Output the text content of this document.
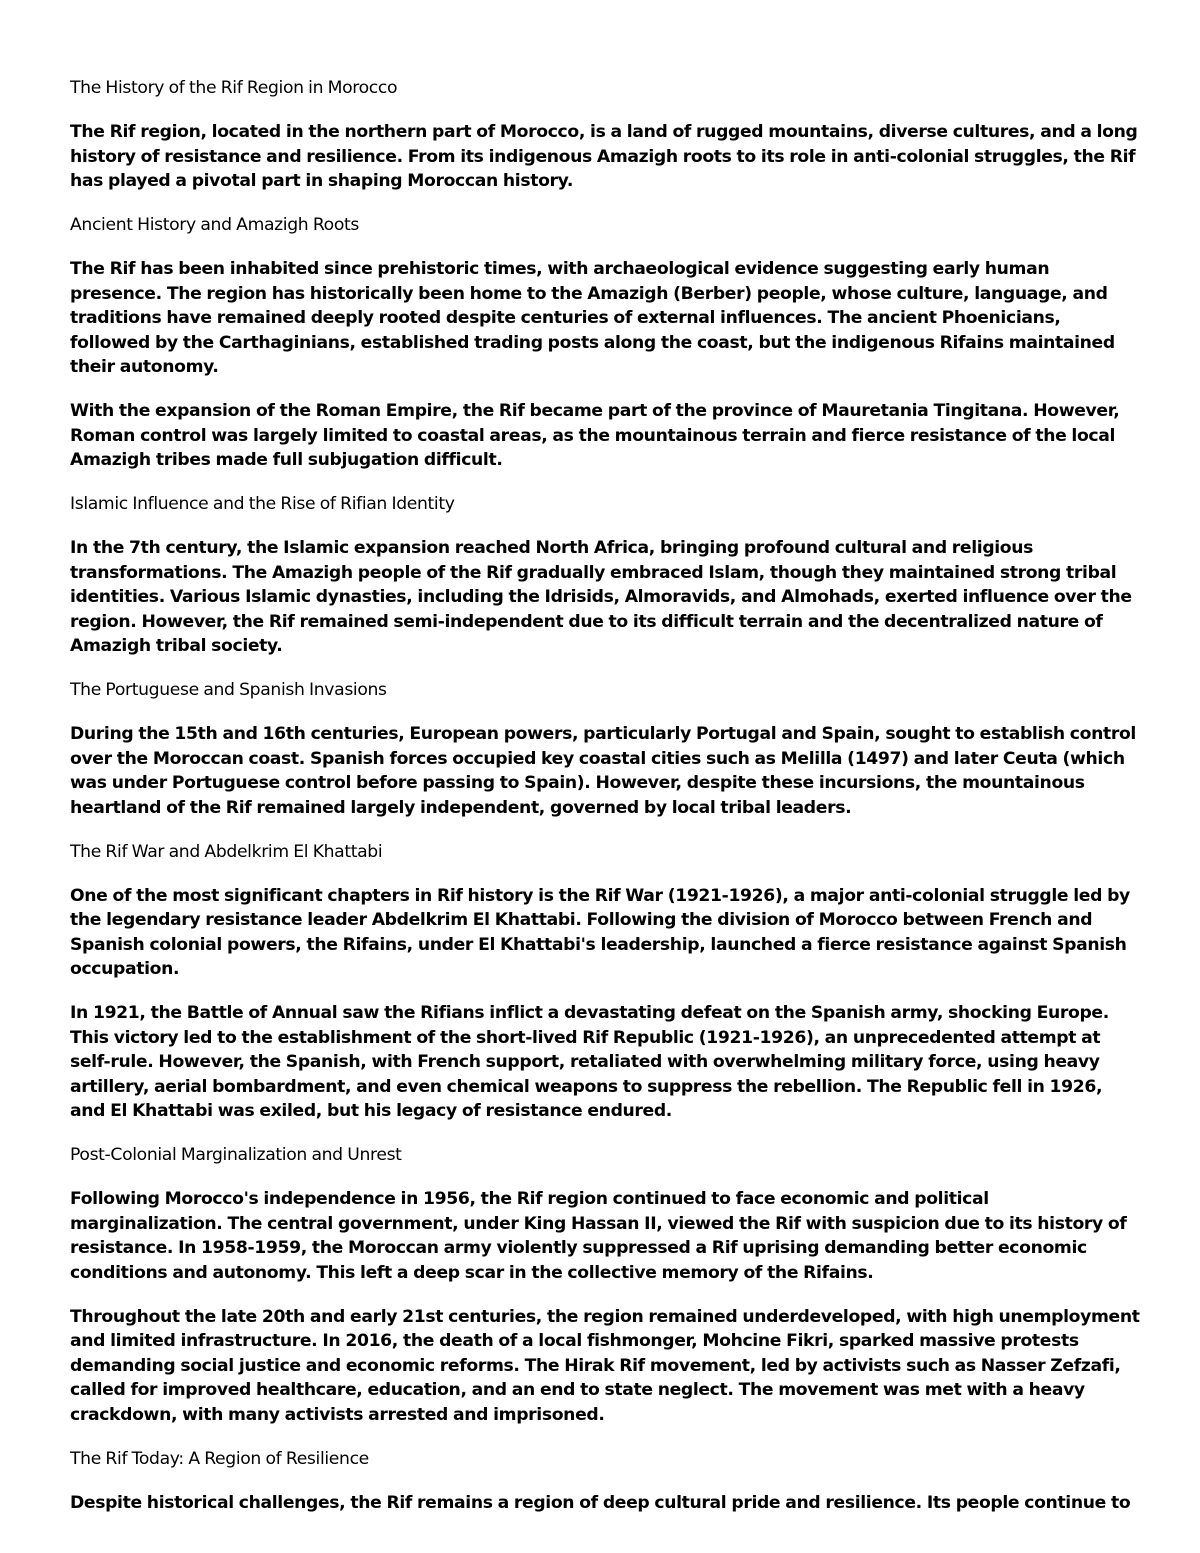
The History of the Rif Region in Morocco

The Rif region, located in the northern part of Morocco, is a land of rugged mountains, diverse cultures, and a long history of resistance and resilience. From its indigenous Amazigh roots to its role in anti-colonial struggles, the Rif has played a pivotal part in shaping Moroccan history.

Ancient History and Amazigh Roots

The Rif has been inhabited since prehistoric times, with archaeological evidence suggesting early human presence. The region has historically been home to the Amazigh (Berber) people, whose culture, language, and traditions have remained deeply rooted despite centuries of external influences. The ancient Phoenicians, followed by the Carthaginians, established trading posts along the coast, but the indigenous Rifains maintained their autonomy.

With the expansion of the Roman Empire, the Rif became part of the province of Mauretania Tingitana. However, Roman control was largely limited to coastal areas, as the mountainous terrain and fierce resistance of the local Amazigh tribes made full subjugation difficult.

Islamic Influence and the Rise of Rifian Identity

In the 7th century, the Islamic expansion reached North Africa, bringing profound cultural and religious transformations. The Amazigh people of the Rif gradually embraced Islam, though they maintained strong tribal identities. Various Islamic dynasties, including the Idrisids, Almoravids, and Almohads, exerted influence over the region. However, the Rif remained semi-independent due to its difficult terrain and the decentralized nature of Amazigh tribal society.

The Portuguese and Spanish Invasions

During the 15th and 16th centuries, European powers, particularly Portugal and Spain, sought to establish control over the Moroccan coast. Spanish forces occupied key coastal cities such as Melilla (1497) and later Ceuta (which was under Portuguese control before passing to Spain). However, despite these incursions, the mountainous heartland of the Rif remained largely independent, governed by local tribal leaders.

The Rif War and Abdelkrim El Khattabi

One of the most significant chapters in Rif history is the Rif War (1921-1926), a major anti-colonial struggle led by the legendary resistance leader Abdelkrim El Khattabi. Following the division of Morocco between French and Spanish colonial powers, the Rifains, under El Khattabi's leadership, launched a fierce resistance against Spanish occupation.

In 1921, the Battle of Annual saw the Rifians inflict a devastating defeat on the Spanish army, shocking Europe. This victory led to the establishment of the short-lived Rif Republic (1921-1926), an unprecedented attempt at self-rule. However, the Spanish, with French support, retaliated with overwhelming military force, using heavy artillery, aerial bombardment, and even chemical weapons to suppress the rebellion. The Republic fell in 1926, and El Khattabi was exiled, but his legacy of resistance endured.

Post-Colonial Marginalization and Unrest

Following Morocco's independence in 1956, the Rif region continued to face economic and political marginalization. The central government, under King Hassan II, viewed the Rif with suspicion due to its history of resistance. In 1958-1959, the Moroccan army violently suppressed a Rif uprising demanding better economic conditions and autonomy. This left a deep scar in the collective memory of the Rifains.

Throughout the late 20th and early 21st centuries, the region remained underdeveloped, with high unemployment and limited infrastructure. In 2016, the death of a local fishmonger, Mohcine Fikri, sparked massive protests demanding social justice and economic reforms. The Hirak Rif movement, led by activists such as Nasser Zefzafi, called for improved healthcare, education, and an end to state neglect. The movement was met with a heavy crackdown, with many activists arrested and imprisoned.

The Rif Today: A Region of Resilience

Despite historical challenges, the Rif remains a region of deep cultural pride and resilience. Its people continue to
